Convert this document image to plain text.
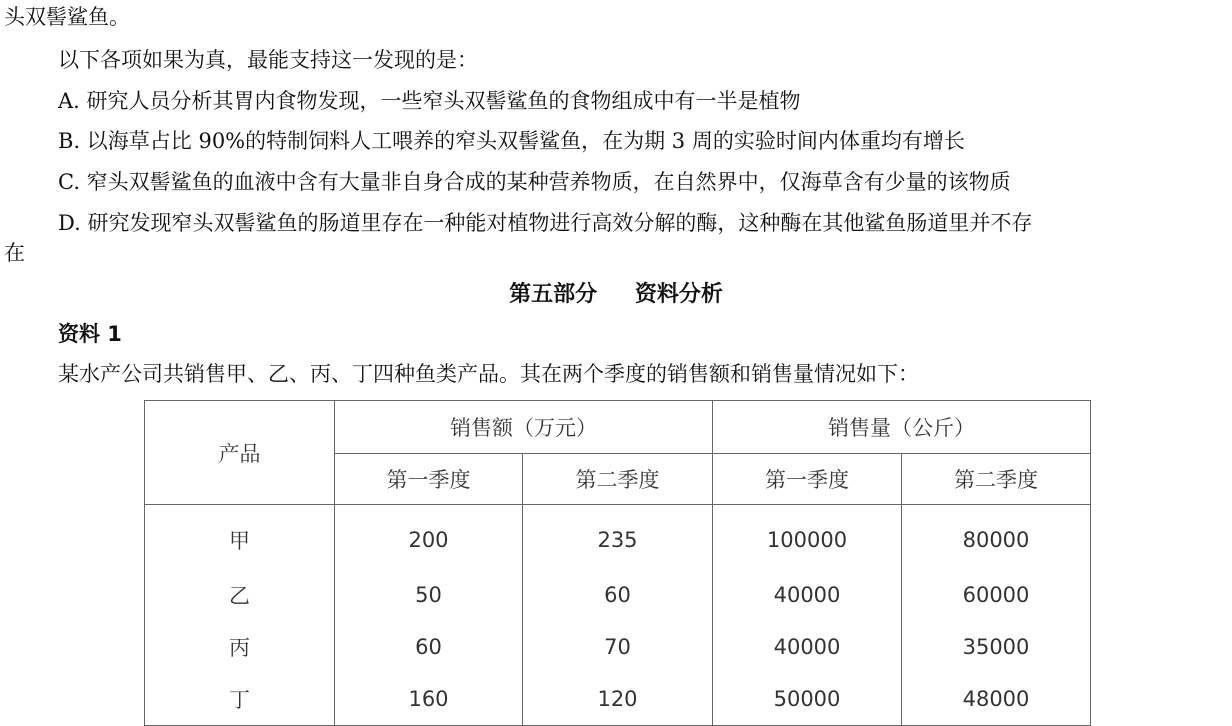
头双髻鲨鱼。
以下各项如果为真，最能支持这一发现的是：
A. 研究人员分析其胃内食物发现，一些窄头双髻鲨鱼的食物组成中有一半是植物
B. 以海草占比 90%的特制饲料人工喂养的窄头双髻鲨鱼，在为期 3 周的实验时间内体重均有增长
C. 窄头双髻鲨鱼的血液中含有大量非自身合成的某种营养物质，在自然界中，仅海草含有少量的该物质
D. 研究发现窄头双髻鲨鱼的肠道里存在一种能对植物进行高效分解的酶，这种酶在其他鲨鱼肠道里并不存
在
第五部分 资料分析
资料 1
某水产公司共销售甲、乙、丙、丁四种鱼类产品。其在两个季度的销售额和销售量情况如下：
产品	销售额（万元）		销售量（公斤）	
	第一季度	第二季度	第一季度	第二季度
甲	200	235	100000	80000
乙	50	60	40000	60000
丙	60	70	40000	35000
丁	160	120	50000	48000
